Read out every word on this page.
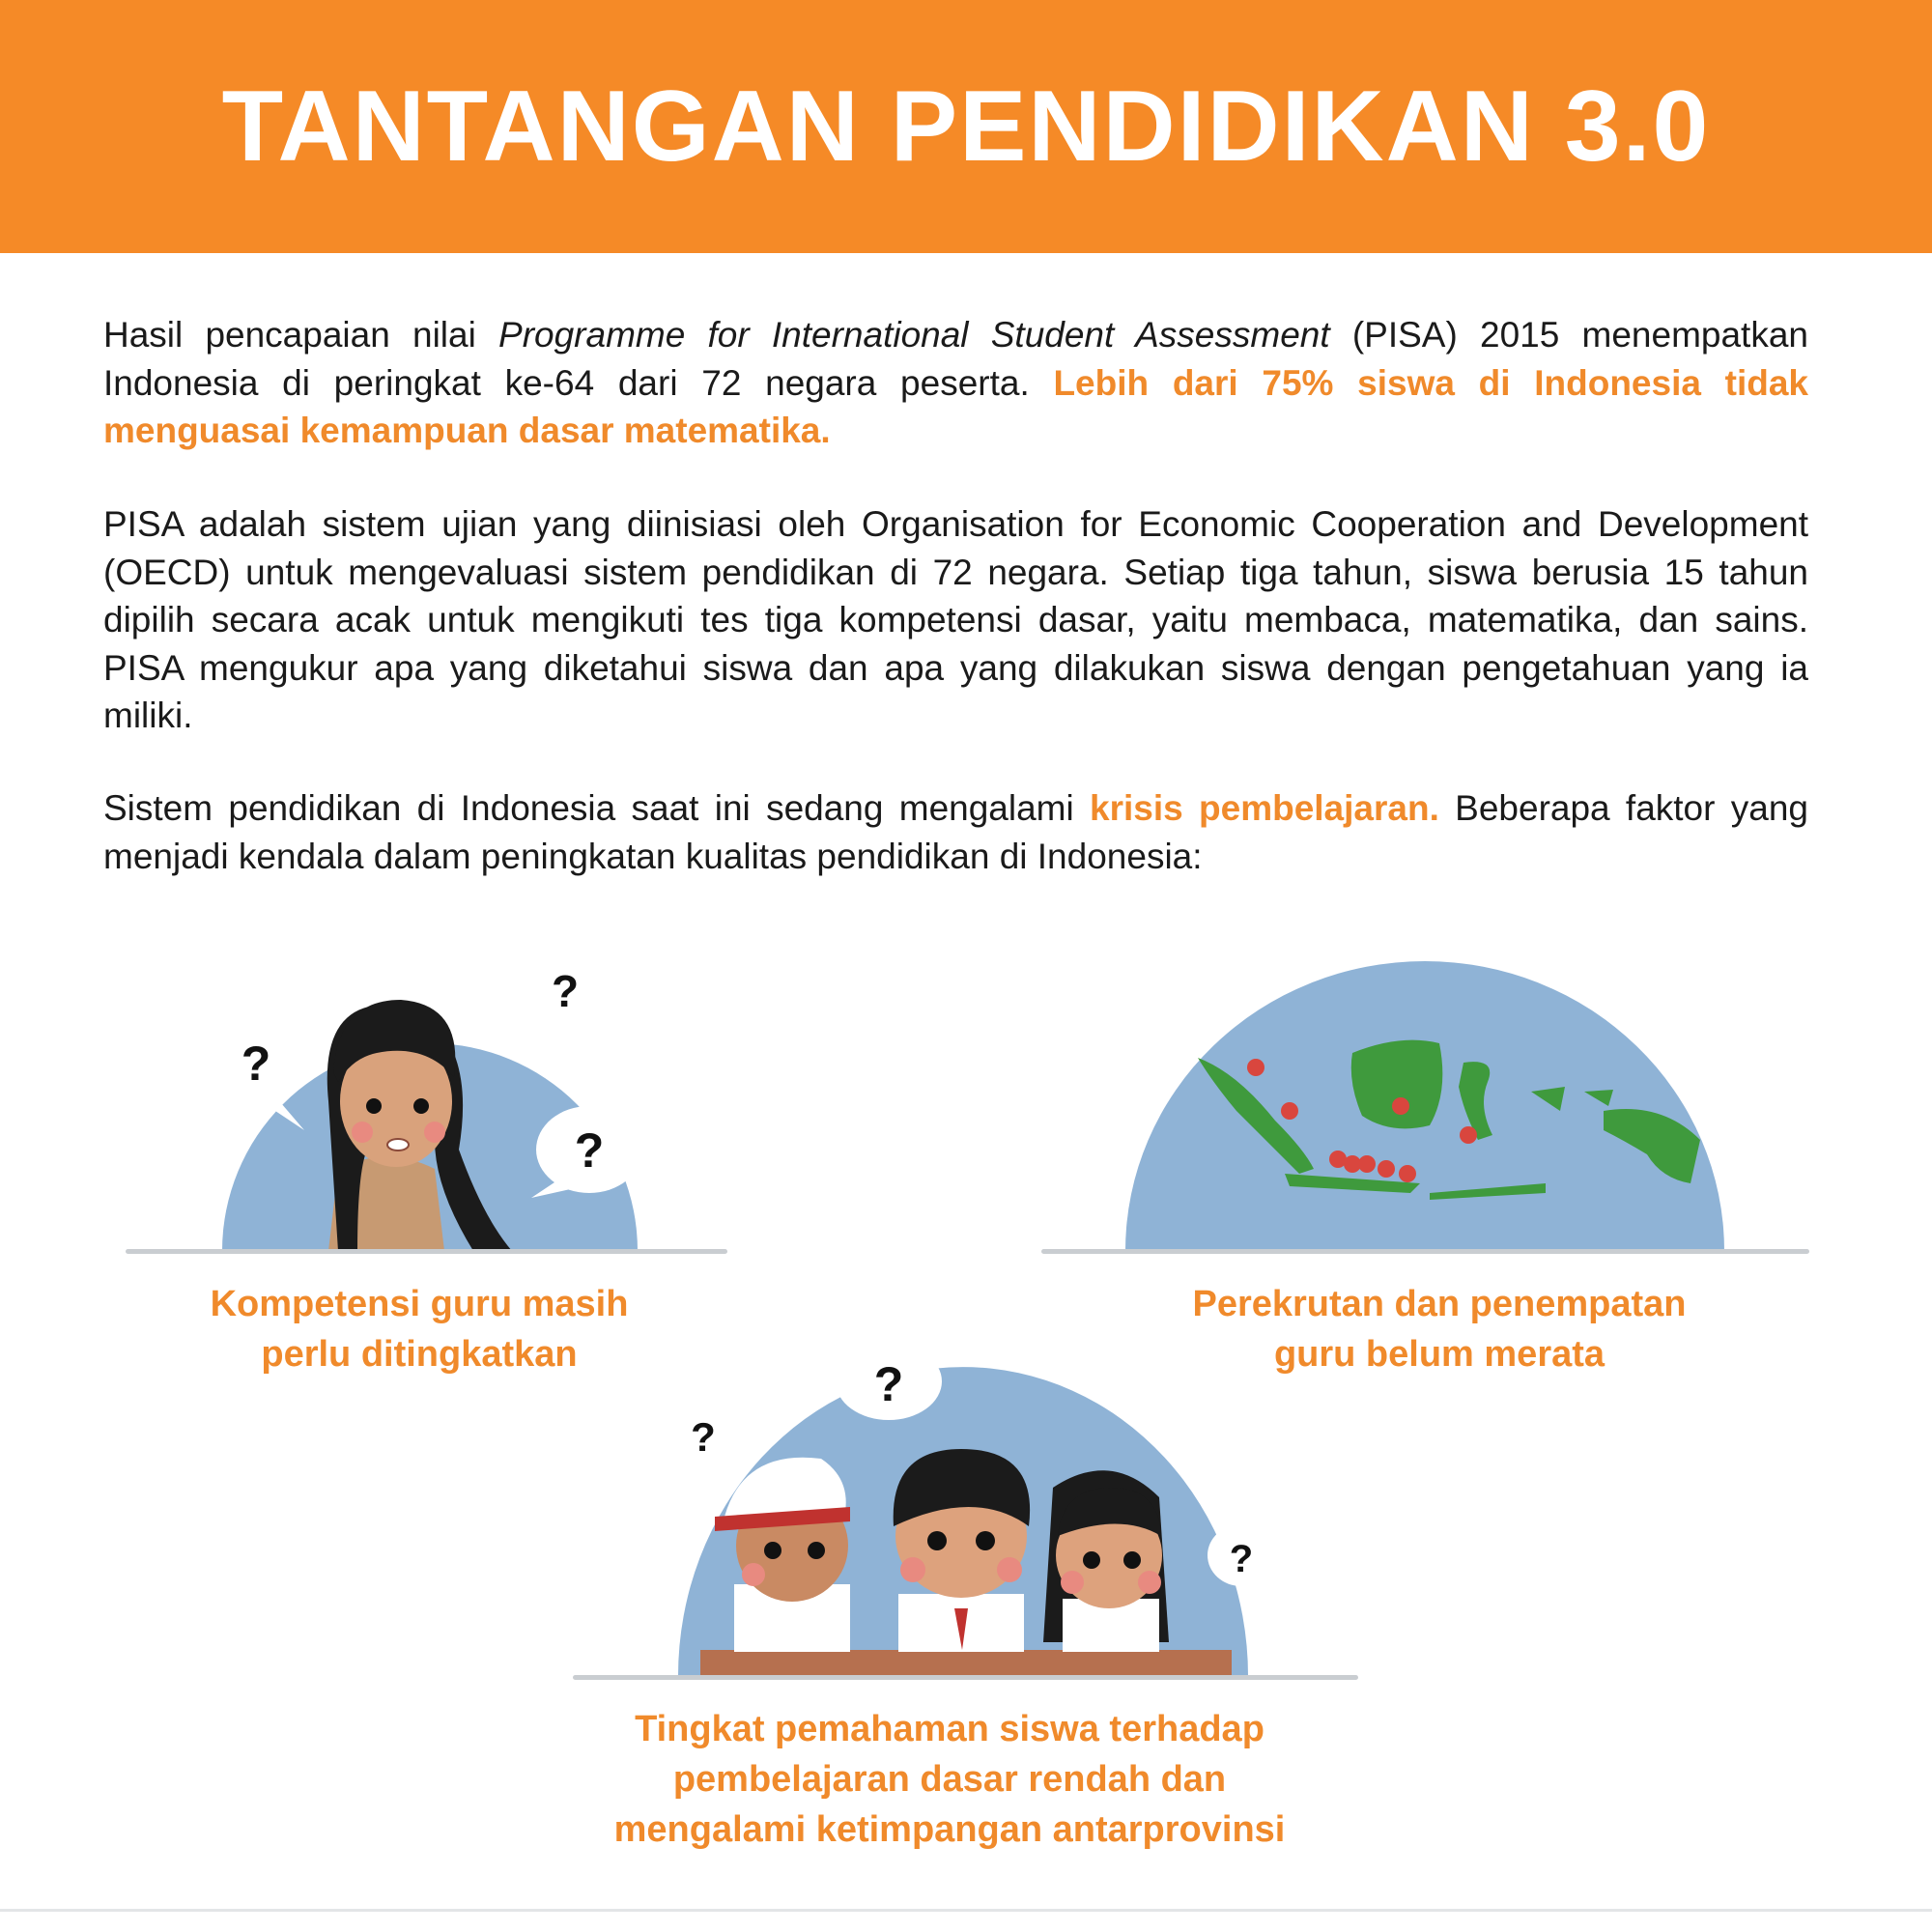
TANTANGAN PENDIDIKAN 3.0

Hasil pencapaian nilai Programme for International Student Assessment (PISA) 2015 menempatkan Indonesia di peringkat ke-64 dari 72 negara peserta. Lebih dari 75% siswa di Indonesia tidak menguasai kemampuan dasar matematika.

PISA adalah sistem ujian yang diinisiasi oleh Organisation for Economic Cooperation and Development (OECD) untuk mengevaluasi sistem pendidikan di 72 negara. Setiap tiga tahun, siswa berusia 15 tahun dipilih secara acak untuk mengikuti tes tiga kompetensi dasar, yaitu membaca, matematika, dan sains. PISA mengukur apa yang diketahui siswa dan apa yang dilakukan siswa dengan pengetahuan yang ia miliki.

Sistem pendidikan di Indonesia saat ini sedang mengalami krisis pembelajaran. Beberapa faktor yang menjadi kendala dalam peningkatan kualitas pendidikan di Indonesia:

?
?
?
Kompetensi guru masih
perlu ditingkatkan
Perekrutan dan penempatan
guru belum merata
?
?
?
Tingkat pemahaman siswa terhadap
pembelajaran dasar rendah dan
mengalami ketimpangan antarprovinsi
